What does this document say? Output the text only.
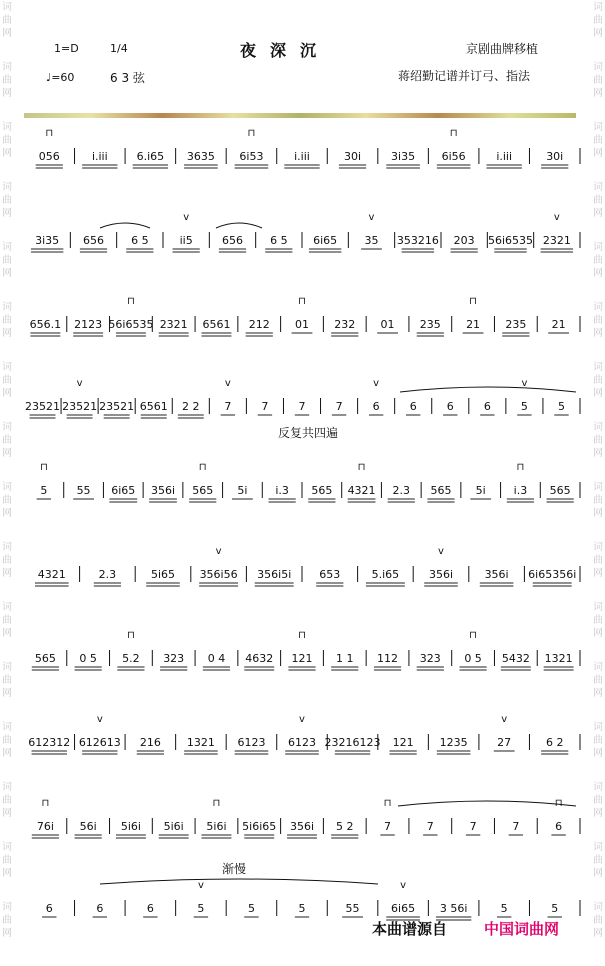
词
曲
网
词
曲
网
词
曲
网
词
曲
网
词
曲
网
词
曲
网
词
曲
网
词
曲
网
词
曲
网
词
曲
网
词
曲
网
词
曲
网
词
曲
网
词
曲
网
词
曲
网
词
曲
网
词
曲
网
词
曲
网
词
曲
网
词
曲
网
词
曲
网
词
曲
网
词
曲
网
词
曲
网
词
曲
网
词
曲
网
词
曲
网
词
曲
网
词
曲
网
词
曲
网
词
曲
网
词
曲
网
1=D	1/4	夜深沉	京剧曲牌移植
♩=60	6 3 弦	蒋绍勤记谱并订弓、指法
056
⊓
i.iii	6.i65 3635 6i53
⊓
i.iii	30i	3i35 6i56
⊓
i.iii	30i
3i35 656 6 5	ii5
v
656 6 5 6i65 35
v
353216 203 56i6535 2321
v
656.1 2123 56i6535
⊓
2321 6561 212 01
⊓
232 01 235 21
⊓
235 21
23521 23521
v
23521 6561 2 2 7
v
7	7	7	6
v
6	6	6	5
v
5
5
⊓
55 6i65 356i 565
⊓
5i	i.3 565 4321
⊓
2.3 565 5i	i.3
⊓
565
4321	2.3	5i65 356i56
v
356i5i	653	5.i65	356i
v
356i 6i65356i
565 0 5 5.2
⊓
323 0 4 4632 121
⊓
1 1 112 323 0 5
⊓
5432 1321
612312 612613
v
216 1321 6123 6123
v
23216123 121 1235	27
v
6 2
76i
⊓
56i 5i6i 5i6i 5i6i
⊓
5i6i65 356i 5 2	7
⊓
7	7	7	6
⊓
6	6	6	5
v
5	5	55	6i65
v
3 56i	5	5
反复共四遍
渐慢
本曲谱源自 中国词曲网
